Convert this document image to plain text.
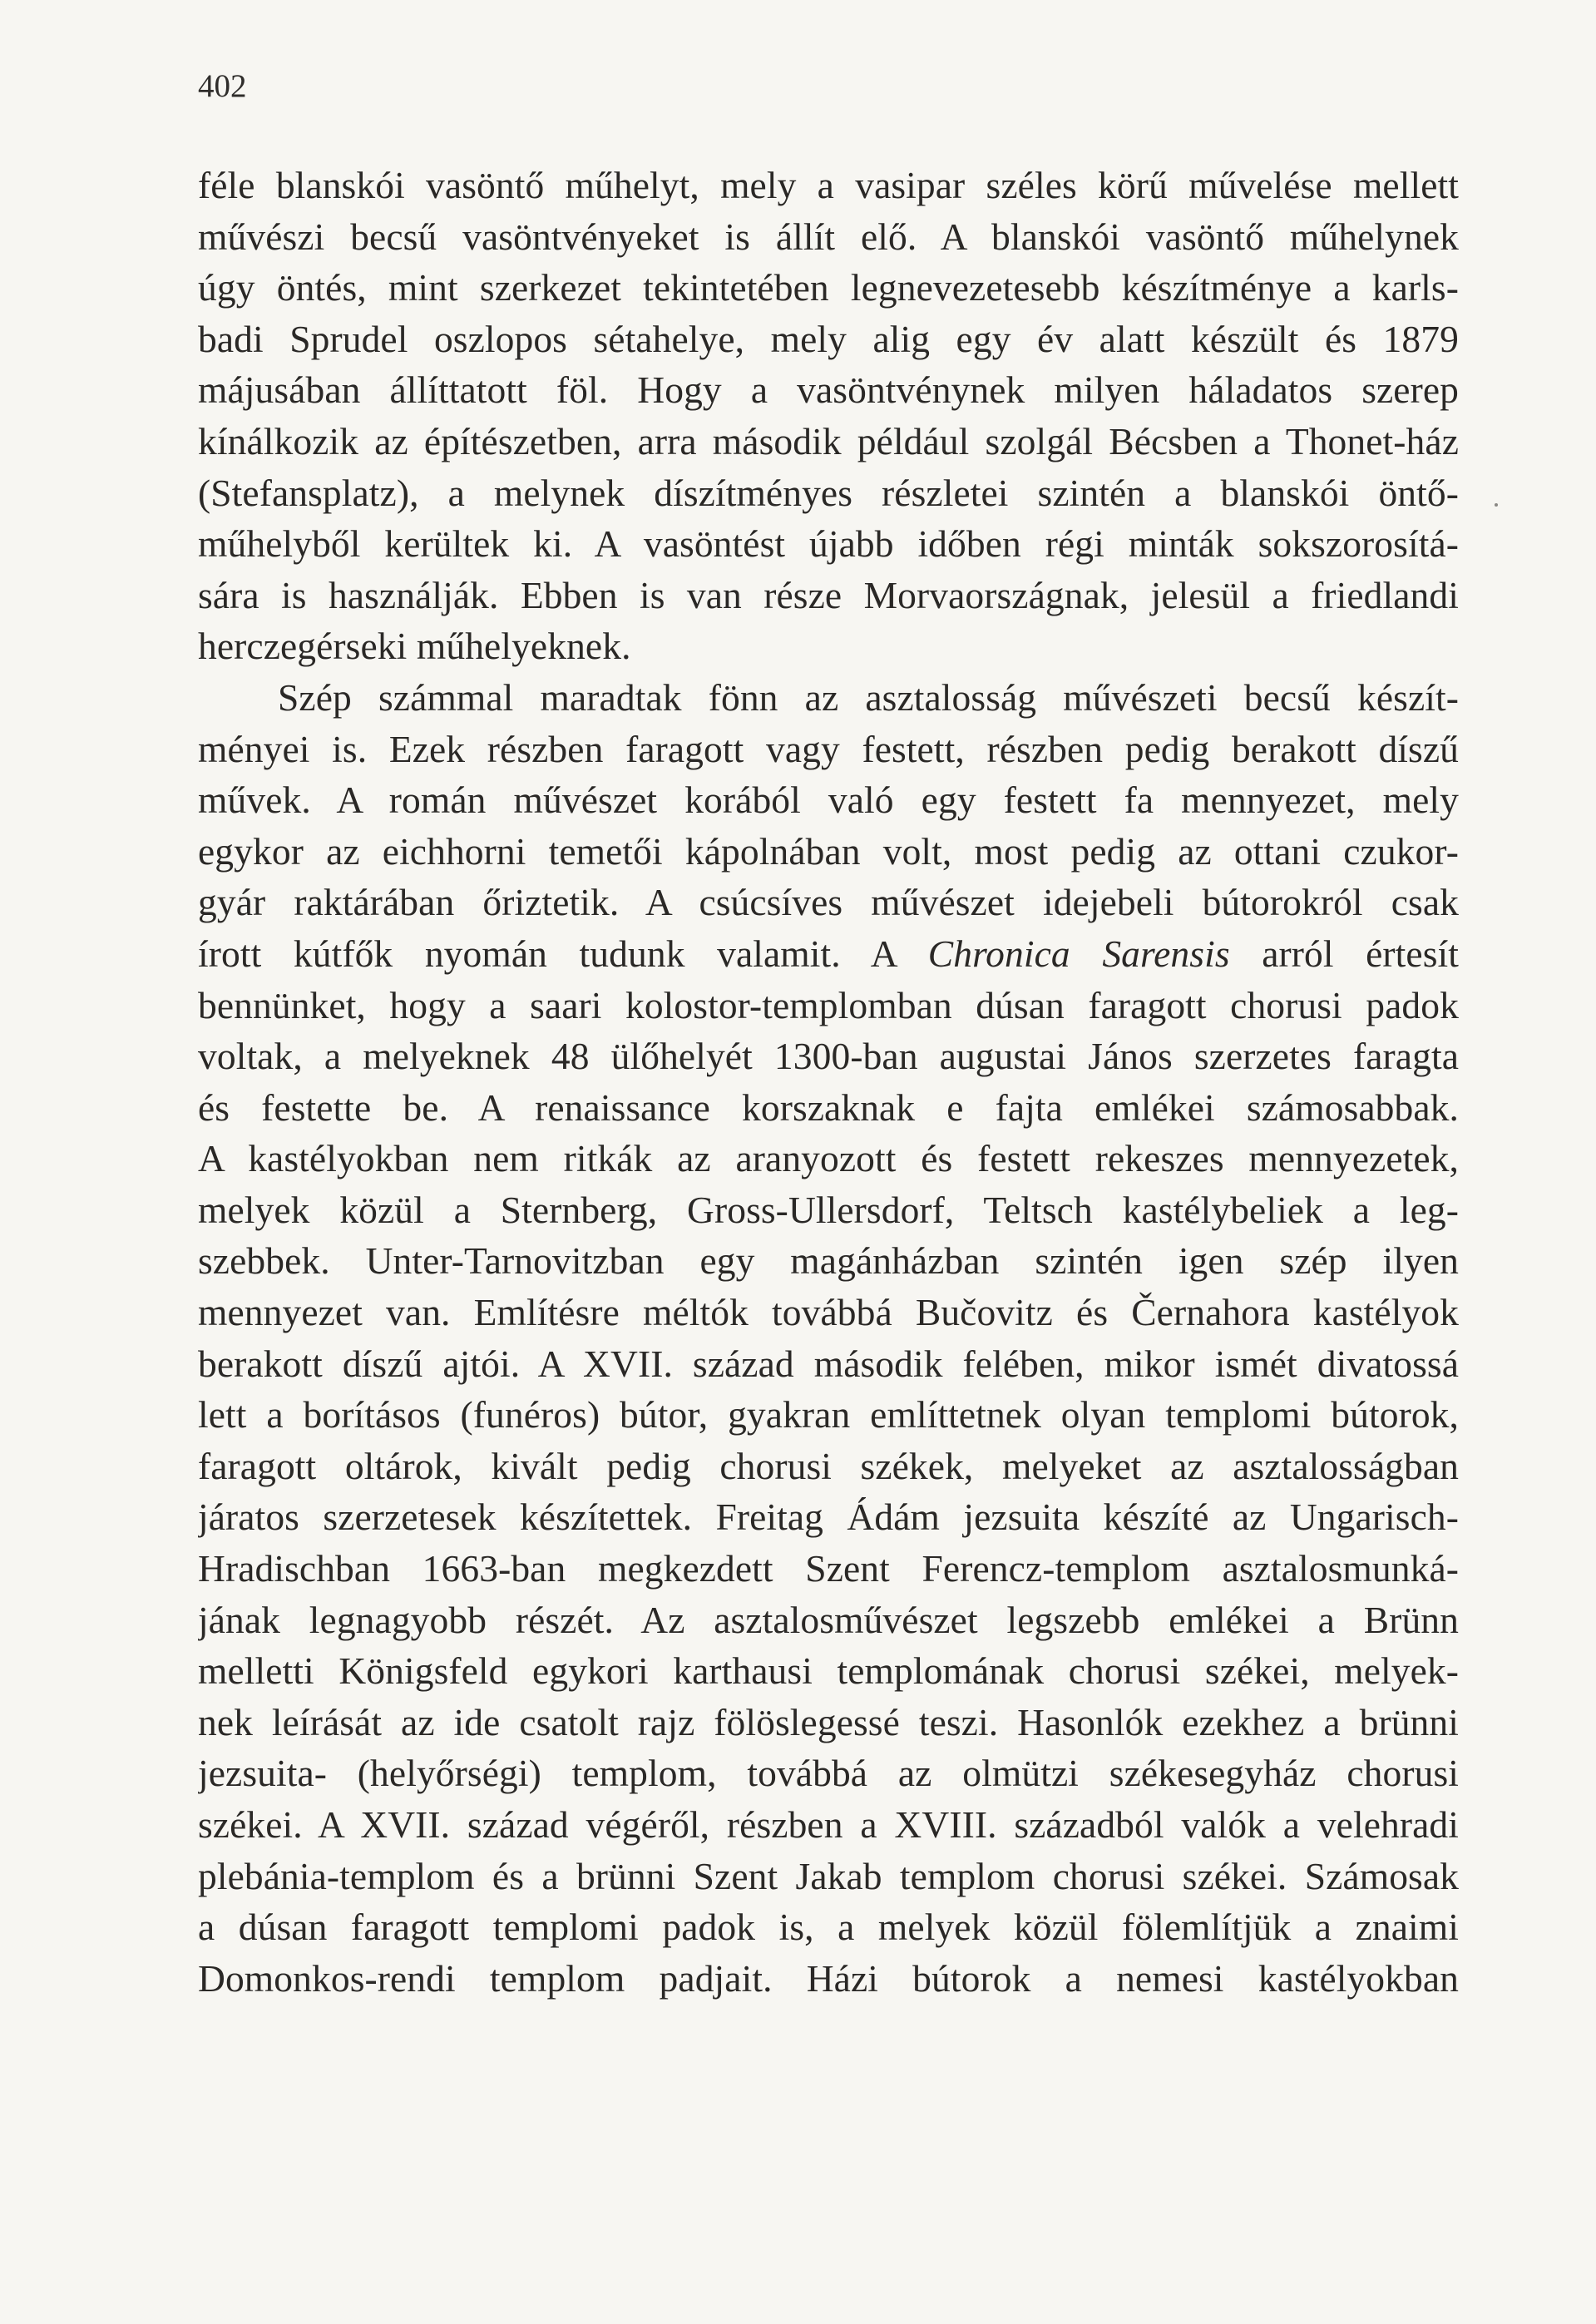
402
féle blanskói vasöntő műhelyt, mely a vasipar széles körű művelése mellett
művészi becsű vasöntvényeket is állít elő. A blanskói vasöntő műhelynek
úgy öntés, mint szerkezet tekintetében legnevezetesebb készítménye a karls-
badi Sprudel oszlopos sétahelye, mely alig egy év alatt készült és 1879
májusában állíttatott föl. Hogy a vasöntvénynek milyen háladatos szerep
kínálkozik az építészetben, arra második például szolgál Bécsben a Thonet-ház
(Stefansplatz), a melynek díszítményes részletei szintén a blanskói öntő-
műhelyből kerültek ki. A vasöntést újabb időben régi minták sokszorosítá-
sára is használják. Ebben is van része Morvaországnak, jelesül a friedlandi
herczegérseki műhelyeknek.
Szép számmal maradtak fönn az asztalosság művészeti becsű készít-
ményei is. Ezek részben faragott vagy festett, részben pedig berakott díszű
művek. A román művészet korából való egy festett fa mennyezet, mely
egykor az eichhorni temetői kápolnában volt, most pedig az ottani czukor-
gyár raktárában őriztetik. A csúcsíves művészet idejebeli bútorokról csak
írott kútfők nyomán tudunk valamit. A Chronica Sarensis arról értesít
bennünket, hogy a saari kolostor-templomban dúsan faragott chorusi padok
voltak, a melyeknek 48 ülőhelyét 1300-ban augustai János szerzetes faragta
és festette be. A renaissance korszaknak e fajta emlékei számosabbak.
A kastélyokban nem ritkák az aranyozott és festett rekeszes mennyezetek,
melyek közül a Sternberg, Gross-Ullersdorf, Teltsch kastélybeliek a leg-
szebbek. Unter-Tarnovitzban egy magánházban szintén igen szép ilyen
mennyezet van. Említésre méltók továbbá Bučovitz és Černahora kastélyok
berakott díszű ajtói. A XVII. század második felében, mikor ismét divatossá
lett a borításos (funéros) bútor, gyakran említtetnek olyan templomi bútorok,
faragott oltárok, kivált pedig chorusi székek, melyeket az asztalosságban
járatos szerzetesek készítettek. Freitag Ádám jezsuita készíté az Ungarisch-
Hradischban 1663-ban megkezdett Szent Ferencz-templom asztalosmunká-
jának legnagyobb részét. Az asztalosművészet legszebb emlékei a Brünn
melletti Königsfeld egykori karthausi templomának chorusi székei, melyek-
nek leírását az ide csatolt rajz fölöslegessé teszi. Hasonlók ezekhez a brünni
jezsuita- (helyőrségi) templom, továbbá az olmützi székesegyház chorusi
székei. A XVII. század végéről, részben a XVIII. századból valók a velehradi
plebánia-templom és a brünni Szent Jakab templom chorusi székei. Számosak
a dúsan faragott templomi padok is, a melyek közül fölemlítjük a znaimi
Domonkos-rendi templom padjait. Házi bútorok a nemesi kastélyokban
